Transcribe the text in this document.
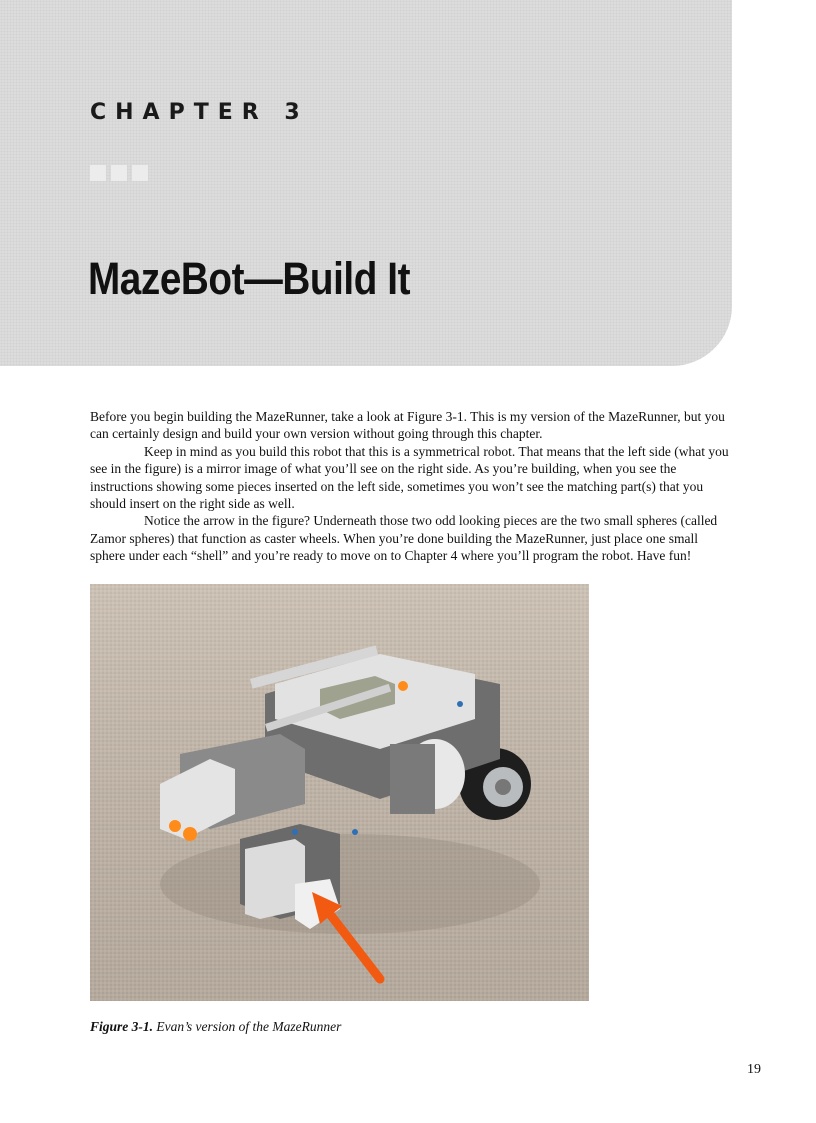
CHAPTER 3
MazeBot—Build It

Before you begin building the MazeRunner, take a look at Figure 3-1. This is my version of the MazeRunner, but you can certainly design and build your own version without going through this chapter.

Keep in mind as you build this robot that this is a symmetrical robot. That means that the left side (what you see in the figure) is a mirror image of what you’ll see on the right side. As you’re building, when you see the instructions showing some pieces inserted on the left side, sometimes you won’t see the matching part(s) that you should insert on the right side as well.

Notice the arrow in the figure? Underneath those two odd looking pieces are the two small spheres (called Zamor spheres) that function as caster wheels. When you’re done building the MazeRunner, just place one small sphere under each “shell” and you’re ready to move on to Chapter 4 where you’ll program the robot. Have fun!

Figure 3-1. Evan’s version of the MazeRunner
19
